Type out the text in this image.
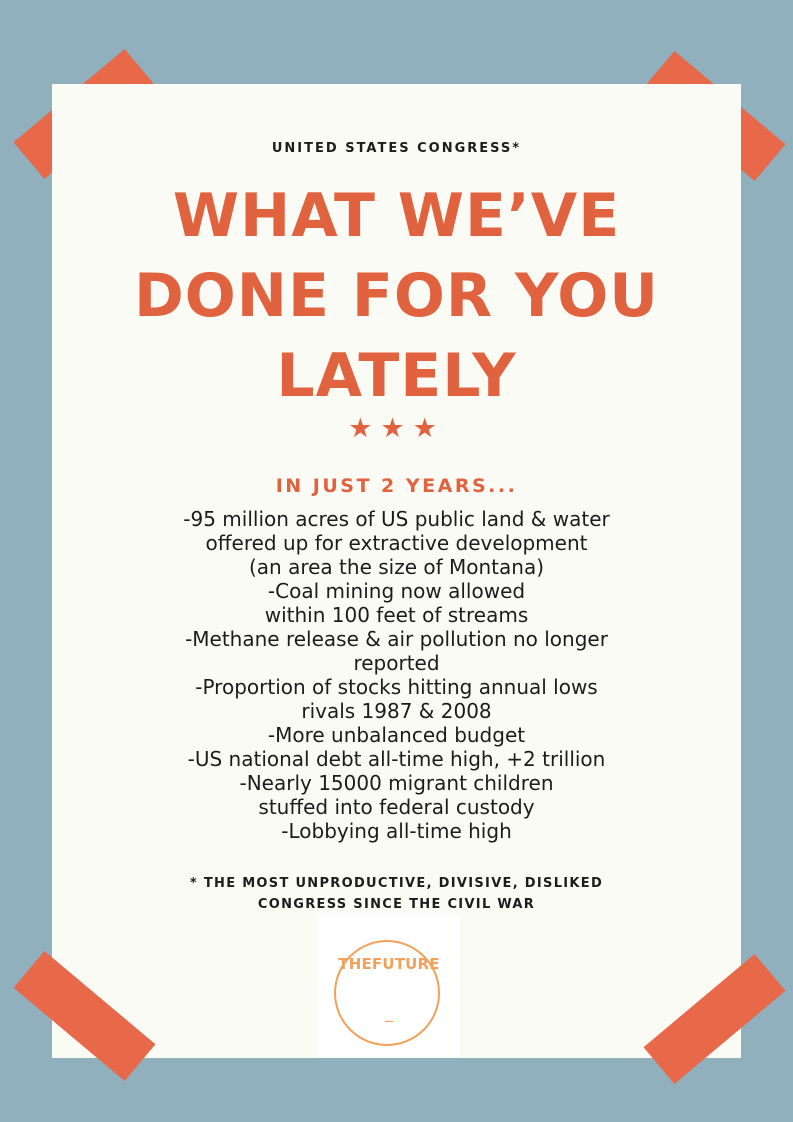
UNITED STATES CONGRESS*
WHAT WE’VE
DONE FOR YOU
LATELY
★★★
IN JUST 2 YEARS...
-95 million acres of US public land & water
offered up for extractive development
(an area the size of Montana)
-Coal mining now allowed
within 100 feet of streams
-Methane release & air pollution no longer
reported
-Proportion of stocks hitting annual lows
rivals 1987 & 2008
-More unbalanced budget
-US national debt all-time high, +2 trillion
-Nearly 15000 migrant children
stuffed into federal custody
-Lobbying all-time high
* THE MOST UNPRODUCTIVE, DIVISIVE, DISLIKED
CONGRESS SINCE THE CIVIL WAR
THEFUTURE
_
